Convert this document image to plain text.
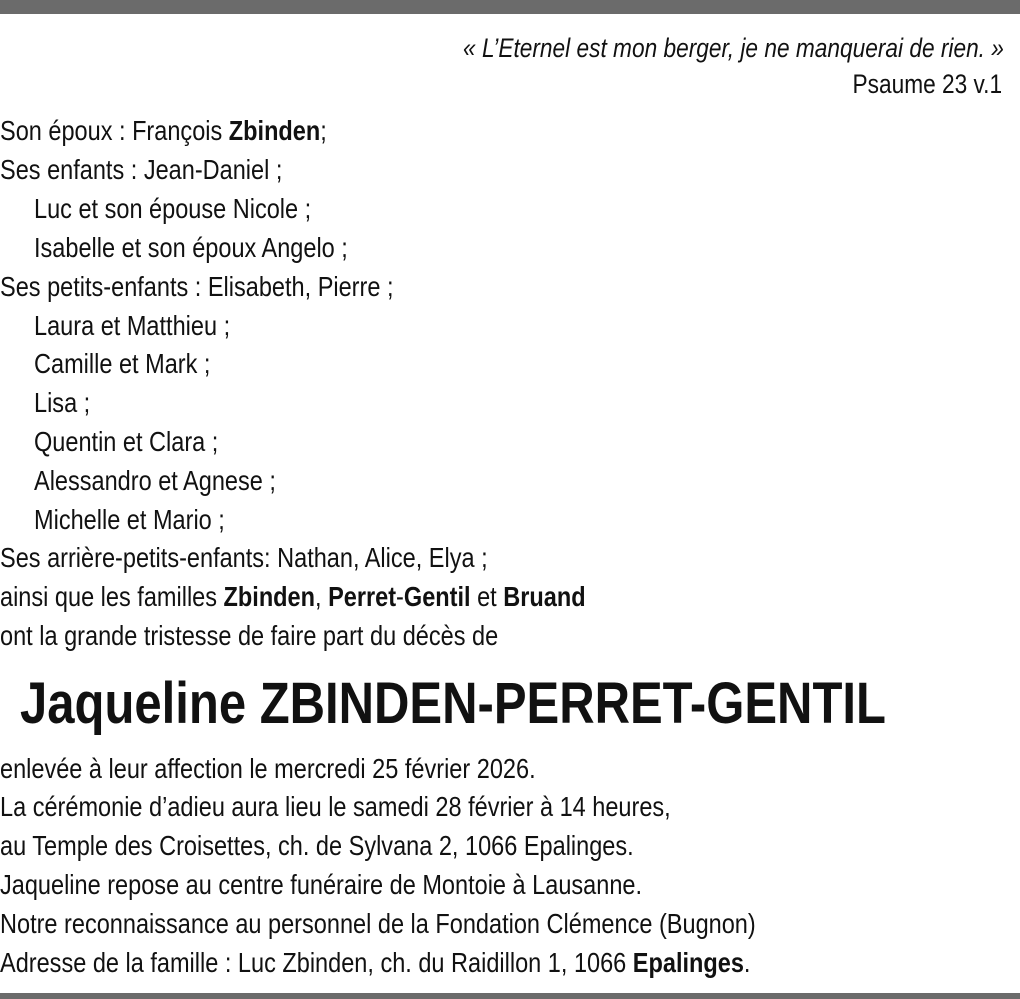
« L’Eternel est mon berger, je ne manquerai de rien. »
Psaume 23 v.1
Son époux : François Zbinden;
Ses enfants : Jean-Daniel ;
Luc et son épouse Nicole ;
Isabelle et son époux Angelo ;
Ses petits-enfants : Elisabeth, Pierre ;
Laura et Matthieu ;
Camille et Mark ;
Lisa ;
Quentin et Clara ;
Alessandro et Agnese ;
Michelle et Mario ;
Ses arrière-petits-enfants: Nathan, Alice, Elya ;
ainsi que les familles Zbinden, Perret-Gentil et Bruand
ont la grande tristesse de faire part du décès de
Jaqueline ZBINDEN-PERRET-GENTIL
enlevée à leur affection le mercredi 25 février 2026.
La cérémonie d’adieu aura lieu le samedi 28 février à 14 heures,
au Temple des Croisettes, ch. de Sylvana 2, 1066 Epalinges.
Jaqueline repose au centre funéraire de Montoie à Lausanne.
Notre reconnaissance au personnel de la Fondation Clémence (Bugnon)
Adresse de la famille : Luc Zbinden, ch. du Raidillon 1, 1066 Epalinges.
